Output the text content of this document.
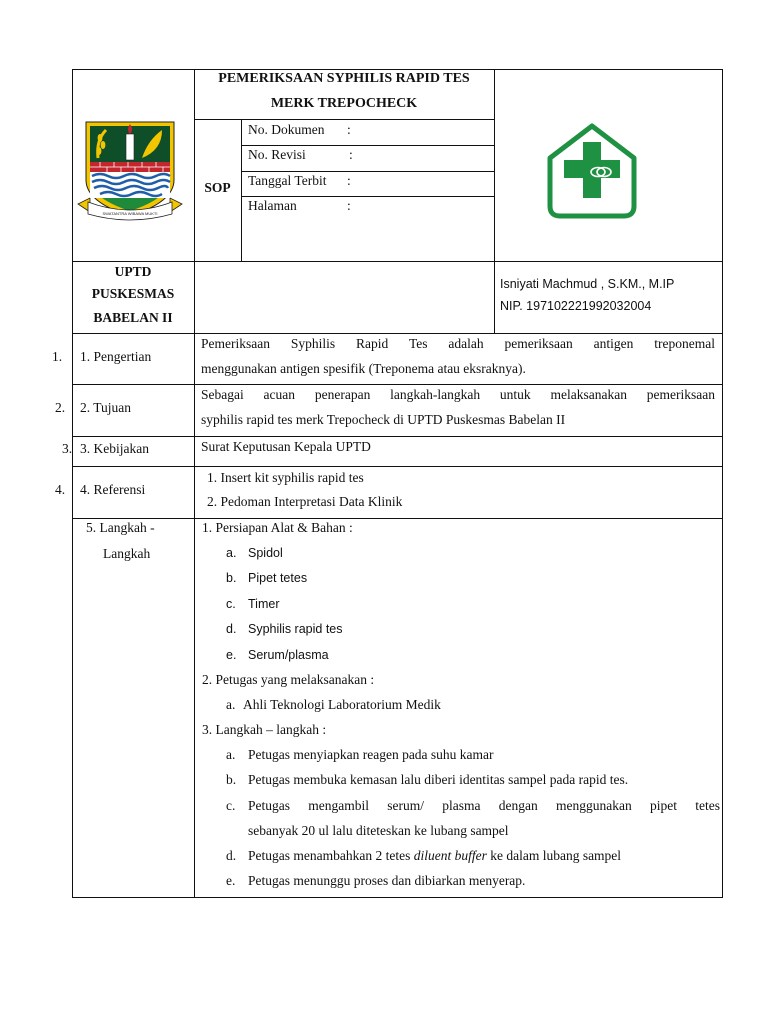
SWATANTRA WIBAWA MUKTI
PEMERIKSAAN SYPHILIS RAPID TES
MERK TREPOCHECK
SOP
No. Dokumen :
No. Revisi	:
Tanggal Terbit :
Halaman	:
UPTD
PUSKESMAS
BABELAN II
Isniyati Machmud , S.KM., M.IP
NIP. 197102221992032004
1. 1. Pengertian
Pemeriksaan Syphilis Rapid Tes adalah pemeriksaan antigen treponemal
menggunakan antigen spesifik (Treponema atau eksraknya).
2. 2. Tujuan
Sebagai acuan penerapan langkah-langkah untuk melaksanakan pemeriksaan
syphilis rapid tes merk Trepocheck di UPTD Puskesmas Babelan II
3. 3. Kebijakan	Surat Keputusan Kepala UPTD
4. 4. Referensi
1. Insert kit syphilis rapid tes
2. Pedoman Interpretasi Data Klinik
5. Langkah -
Langkah
1. Persiapan Alat & Bahan :
a. Spidol
b. Pipet tetes
c. Timer
d. Syphilis rapid tes
e. Serum/plasma
2. Petugas yang melaksanakan :
a. Ahli Teknologi Laboratorium Medik
3. Langkah – langkah :
a. Petugas menyiapkan reagen pada suhu kamar
b. Petugas membuka kemasan lalu diberi identitas sampel pada rapid tes.
c. Petugas mengambil serum/ plasma dengan menggunakan pipet tetes
sebanyak 20 ul lalu diteteskan ke lubang sampel
d. Petugas menambahkan 2 tetes diluent buffer ke dalam lubang sampel
e. Petugas menunggu proses dan dibiarkan menyerap.
